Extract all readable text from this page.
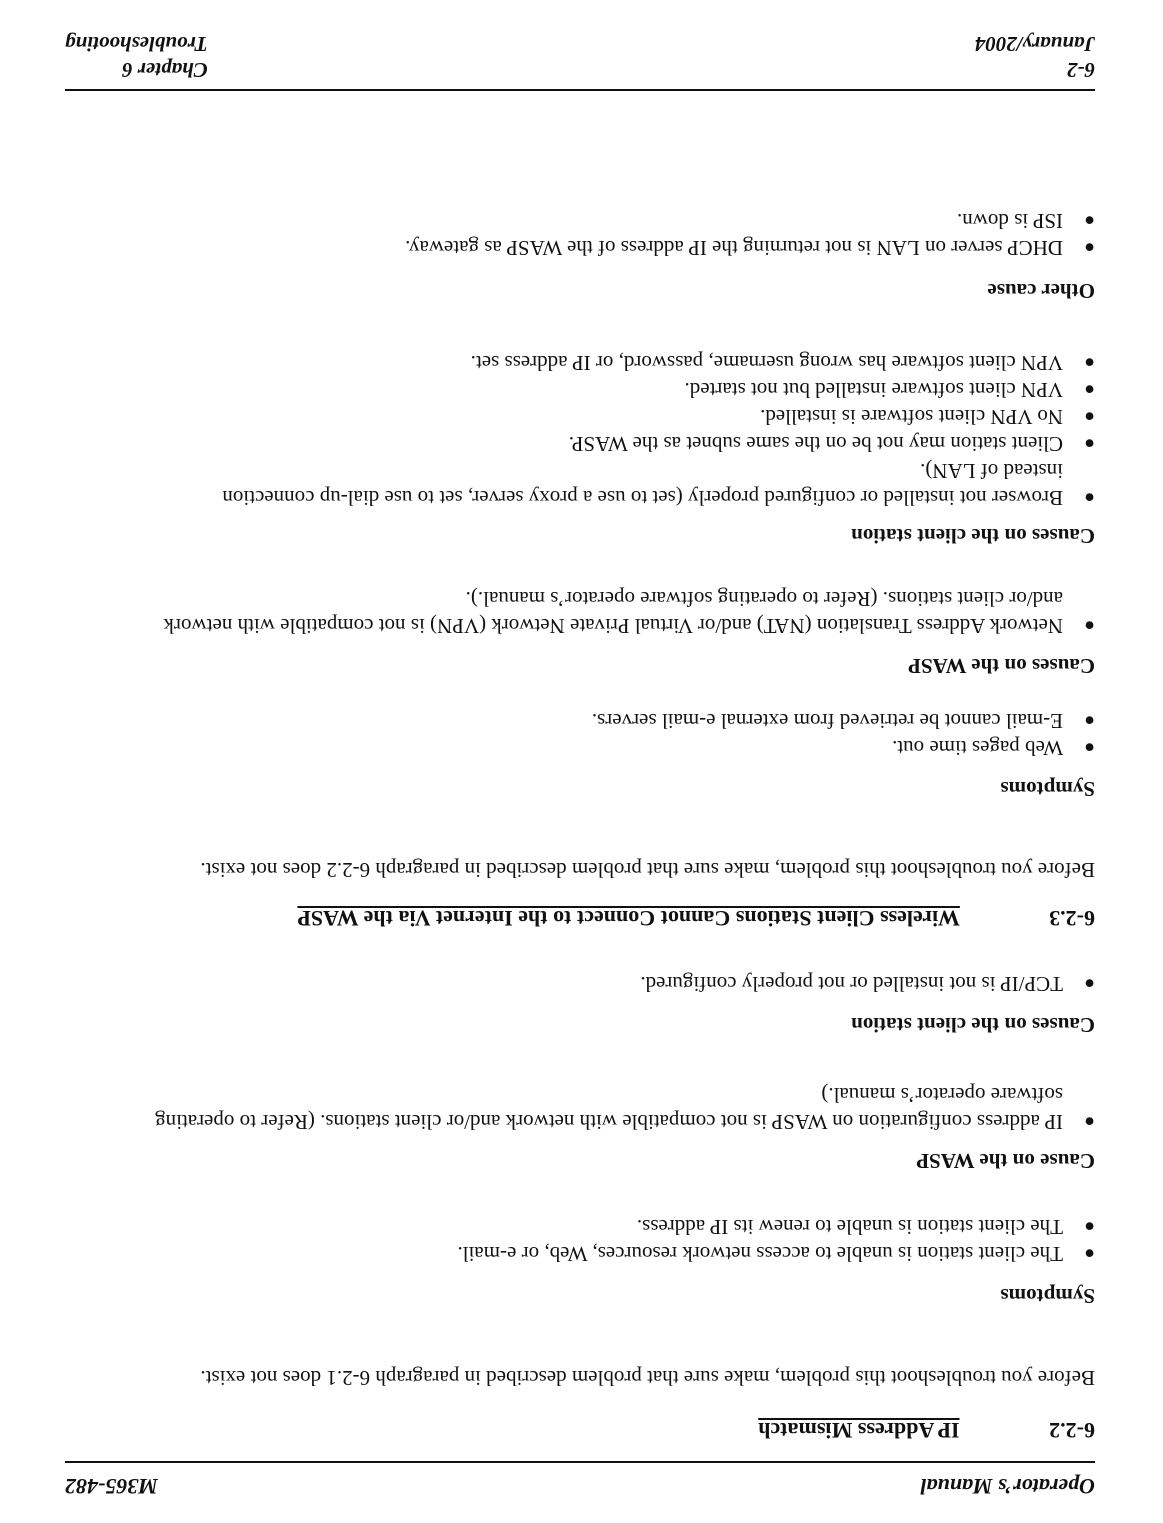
Operator’s Manual
M365-482
6-2.2 IP Address Mismatch

Before you troubleshoot this problem, make sure that problem described in paragraph 6-2.1 does not exist.

Symptoms
●
The client station is unable to access network resources, Web, or e-mail.
●
The client station is unable to renew its IP address.
Cause on the WASP
●
IP address configuration on WASP is not compatible with network and/or client stations. (Refer to operating software operator’s manual.)
Causes on the client station
●
TCP/IP is not installed or not properly configured.
6-2.3 Wireless Client Stations Cannot Connect to the Internet Via the WASP

Before you troubleshoot this problem, make sure that problem described in paragraph 6-2.2 does not exist.

Symptoms
●
Web pages time out.
●
E-mail cannot be retrieved from external e-mail servers.
Causes on the WASP
●
Network Address Translation (NAT) and/or Virtual Private Network (VPN) is not compatible with network and/or client stations. (Refer to operating software operator’s manual.).
Causes on the client station
●
Browser not installed or configured properly (set to use a proxy server, set to use dial-up connection instead of LAN).
●
Client station may not be on the same subnet as the WASP.
●
No VPN client software is installed.
●
VPN client software installed but not started.
●
VPN client software has wrong username, password, or IP address set.
Other cause
●
DHCP server on LAN is not returning the IP address of the WASP as gateway.
●
ISP is down.
6-2
January/2004
Chapter 6
Troubleshooting
